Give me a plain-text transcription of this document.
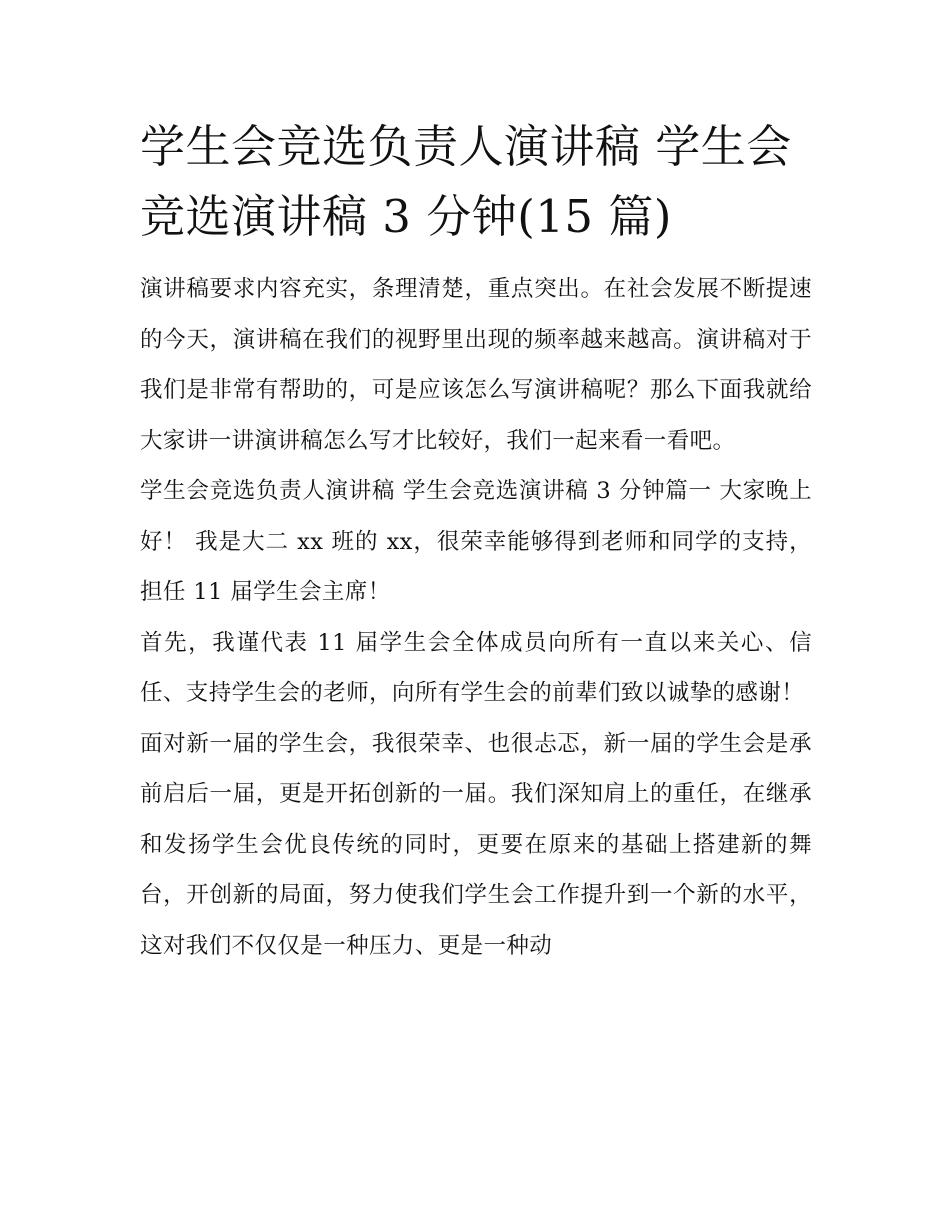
学生会竞选负责人演讲稿 学生会竞选演讲稿 3 分钟(15 篇)

演讲稿要求内容充实，条理清楚，重点突出。在社会发展不断提速的今天，演讲稿在我们的视野里出现的频率越来越高。演讲稿对于我们是非常有帮助的，可是应该怎么写演讲稿呢？那么下面我就给大家讲一讲演讲稿怎么写才比较好，我们一起来看一看吧。

学生会竞选负责人演讲稿 学生会竞选演讲稿 3 分钟篇一 大家晚上好！ 我是大二 xx 班的 xx，很荣幸能够得到老师和同学的支持，担任 11 届学生会主席！

首先，我谨代表 11 届学生会全体成员向所有一直以来关心、信任、支持学生会的老师，向所有学生会的前辈们致以诚挚的感谢！

面对新一届的学生会，我很荣幸、也很忐忑，新一届的学生会是承前启后一届，更是开拓创新的一届。我们深知肩上的重任，在继承和发扬学生会优良传统的同时，更要在原来的基础上搭建新的舞台，开创新的局面，努力使我们学生会工作提升到一个新的水平，这对我们不仅仅是一种压力、更是一种动
